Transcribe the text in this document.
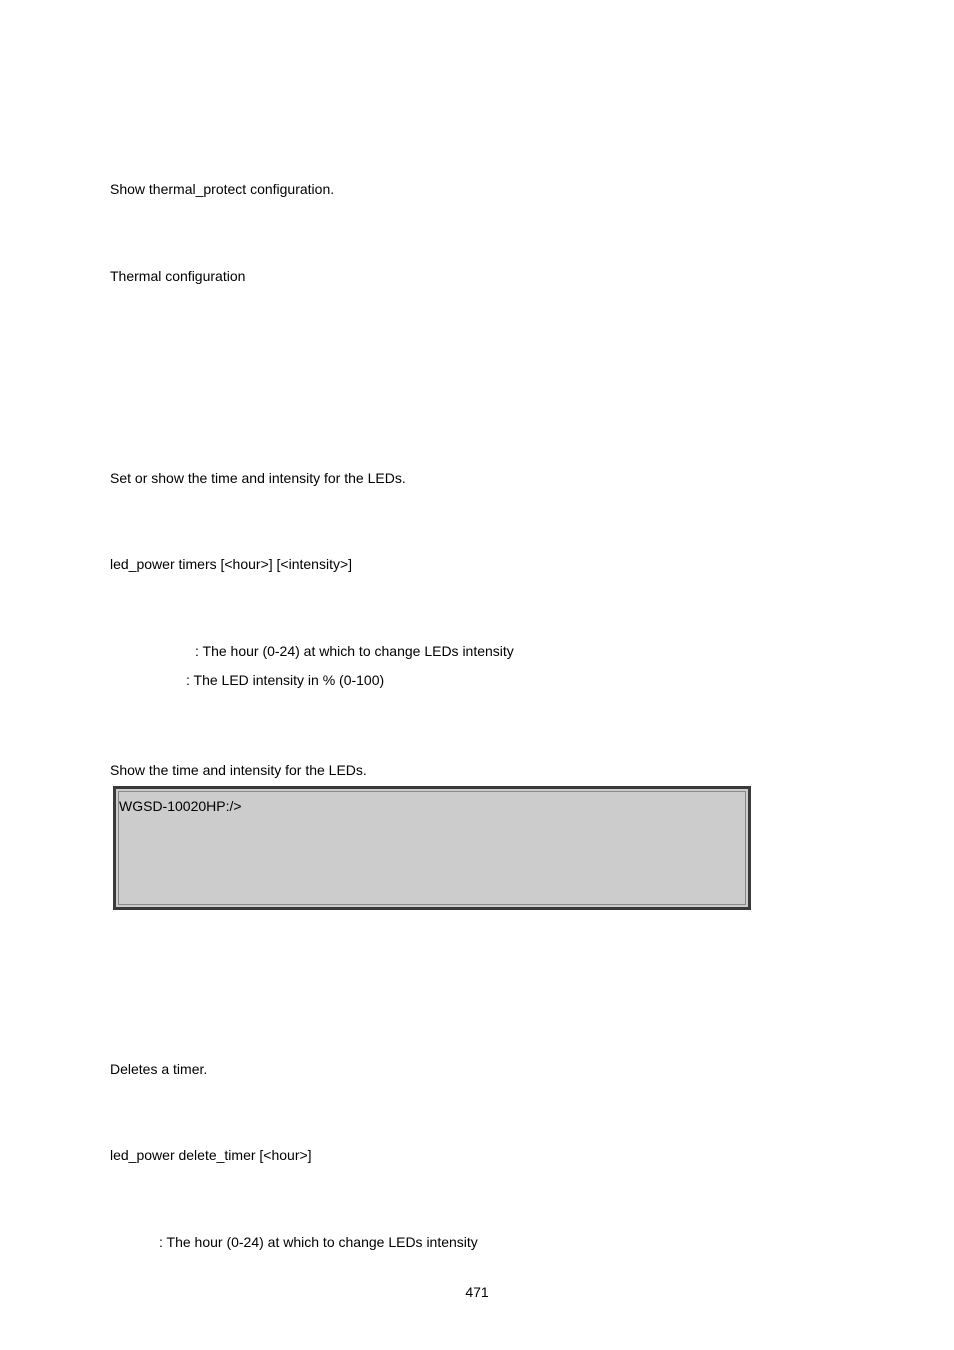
Show thermal_protect configuration.
Thermal configuration
Set or show the time and intensity for the LEDs.
led_power timers [<hour>] [<intensity>]
: The hour (0-24) at which to change LEDs intensity
: The LED intensity in % (0-100)
Show the time and intensity for the LEDs.
WGSD-10020HP:/>
Deletes a timer.
led_power delete_timer [<hour>]
: The hour (0-24) at which to change LEDs intensity
471
